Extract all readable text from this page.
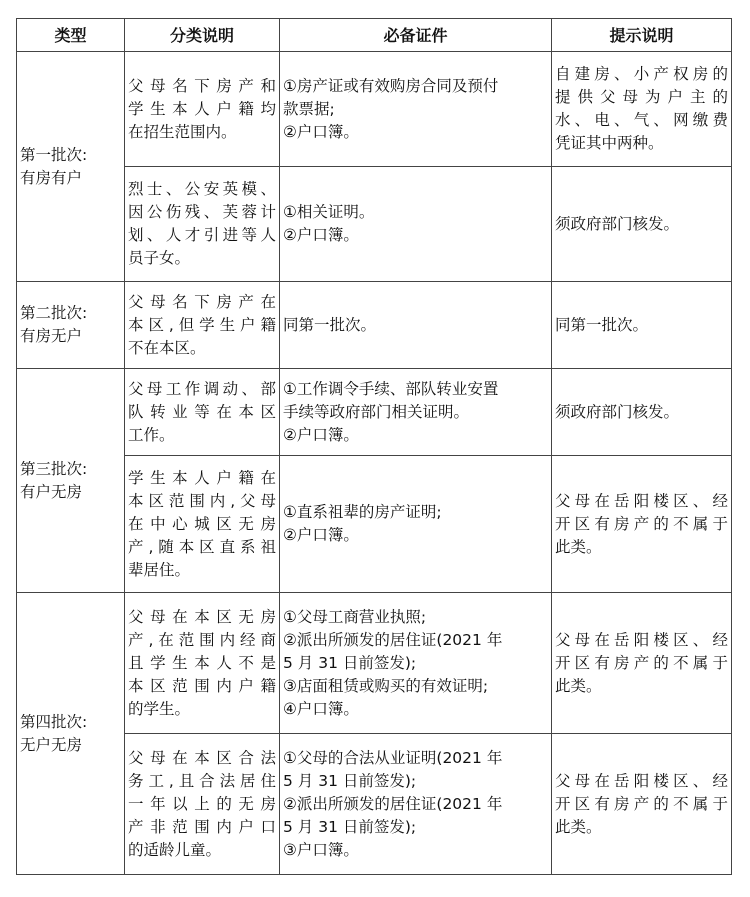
类型	分类说明	必备证件	提示说明

第一批次:
有房有户	父母名下房产和
学生本人户籍均
在招生范围内。	①房产证或有效购房合同及预付
款票据;
②户口簿。	自建房、小产权房的
提供父母为户主的
水、电、气、网缴费
凭证其中两种。

	烈士、公安英模、
因公伤残、芙蓉计
划、人才引进等人
员子女。	①相关证明。
②户口簿。	须政府部门核发。

第二批次:
有房无户	父母名下房产在
本区,但学生户籍
不在本区。	同第一批次。	同第一批次。

第三批次:
有户无房	父母工作调动、部
队转业等在本区
工作。	①工作调令手续、部队转业安置
手续等政府部门相关证明。
②户口簿。	须政府部门核发。

	学生本人户籍在
本区范围内,父母
在中心城区无房
产,随本区直系祖
辈居住。	①直系祖辈的房产证明;
②户口簿。	父母在岳阳楼区、经
开区有房产的不属于
此类。

第四批次:
无户无房	父母在本区无房
产,在范围内经商
且学生本人不是
本区范围内户籍
的学生。	①父母工商营业执照;
②派出所颁发的居住证(2021 年
5 月 31 日前签发);
③店面租赁或购买的有效证明;
④户口簿。	父母在岳阳楼区、经
开区有房产的不属于
此类。

	父母在本区合法
务工,且合法居住
一年以上的无房
产非范围内户口
的适龄儿童。	①父母的合法从业证明(2021 年
5 月 31 日前签发);
②派出所颁发的居住证(2021 年
5 月 31 日前签发);
③户口簿。	父母在岳阳楼区、经
开区有房产的不属于
此类。
